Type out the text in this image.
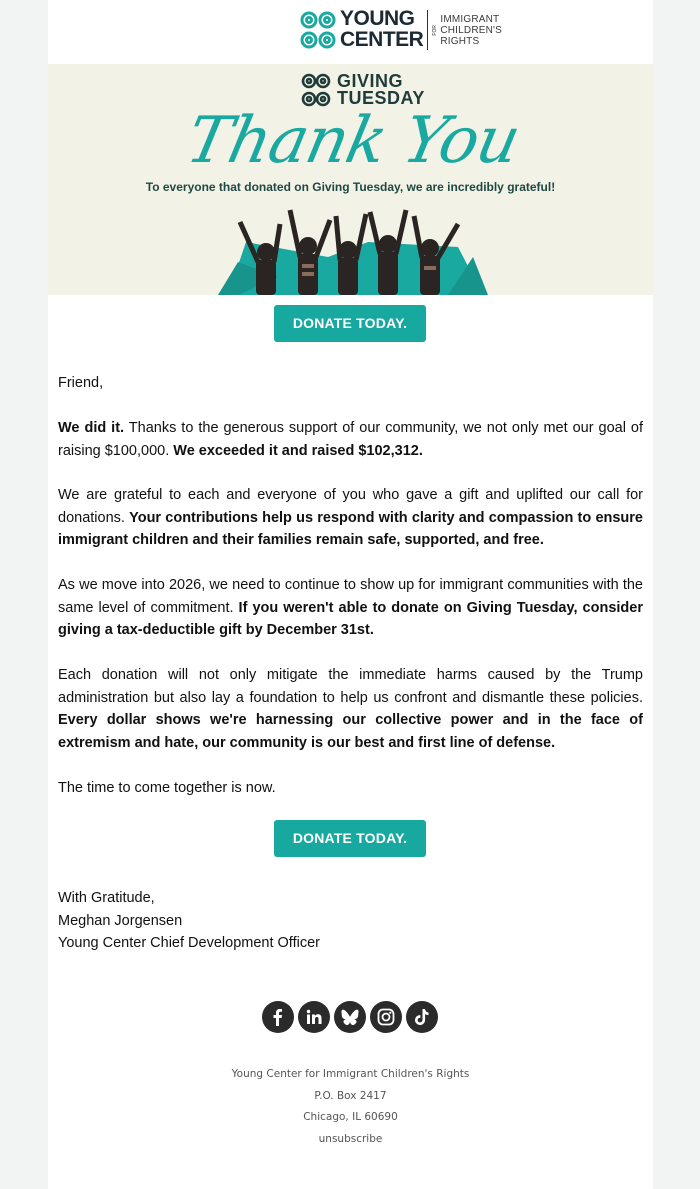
YOUNG
CENTER FOR
IMMIGRANT
CHILDREN'S
RIGHTS
GIVING
TUESDAY
Thank You
To everyone that donated on Giving Tuesday, we are incredibly grateful!
DONATE TODAY.

Friend,

We did it. Thanks to the generous support of our community, we not only met our goal of raising $100,000. We exceeded it and raised $102,312.

We are grateful to each and everyone of you who gave a gift and uplifted our call for donations. Your contributions help us respond with clarity and compassion to ensure immigrant children and their families remain safe, supported, and free.

As we move into 2026, we need to continue to show up for immigrant communities with the same level of commitment. If you weren't able to donate on Giving Tuesday, consider giving a tax-deductible gift by December 31st.

Each donation will not only mitigate the immediate harms caused by the Trump administration but also lay a foundation to help us confront and dismantle these policies. Every dollar shows we're harnessing our collective power and in the face of extremism and hate, our community is our best and first line of defense.

The time to come together is now.

DONATE TODAY.
With Gratitude,
Meghan Jorgensen
Young Center Chief Development Officer
Young Center for Immigrant Children's Rights
P.O. Box 2417
Chicago, IL 60690
unsubscribe
